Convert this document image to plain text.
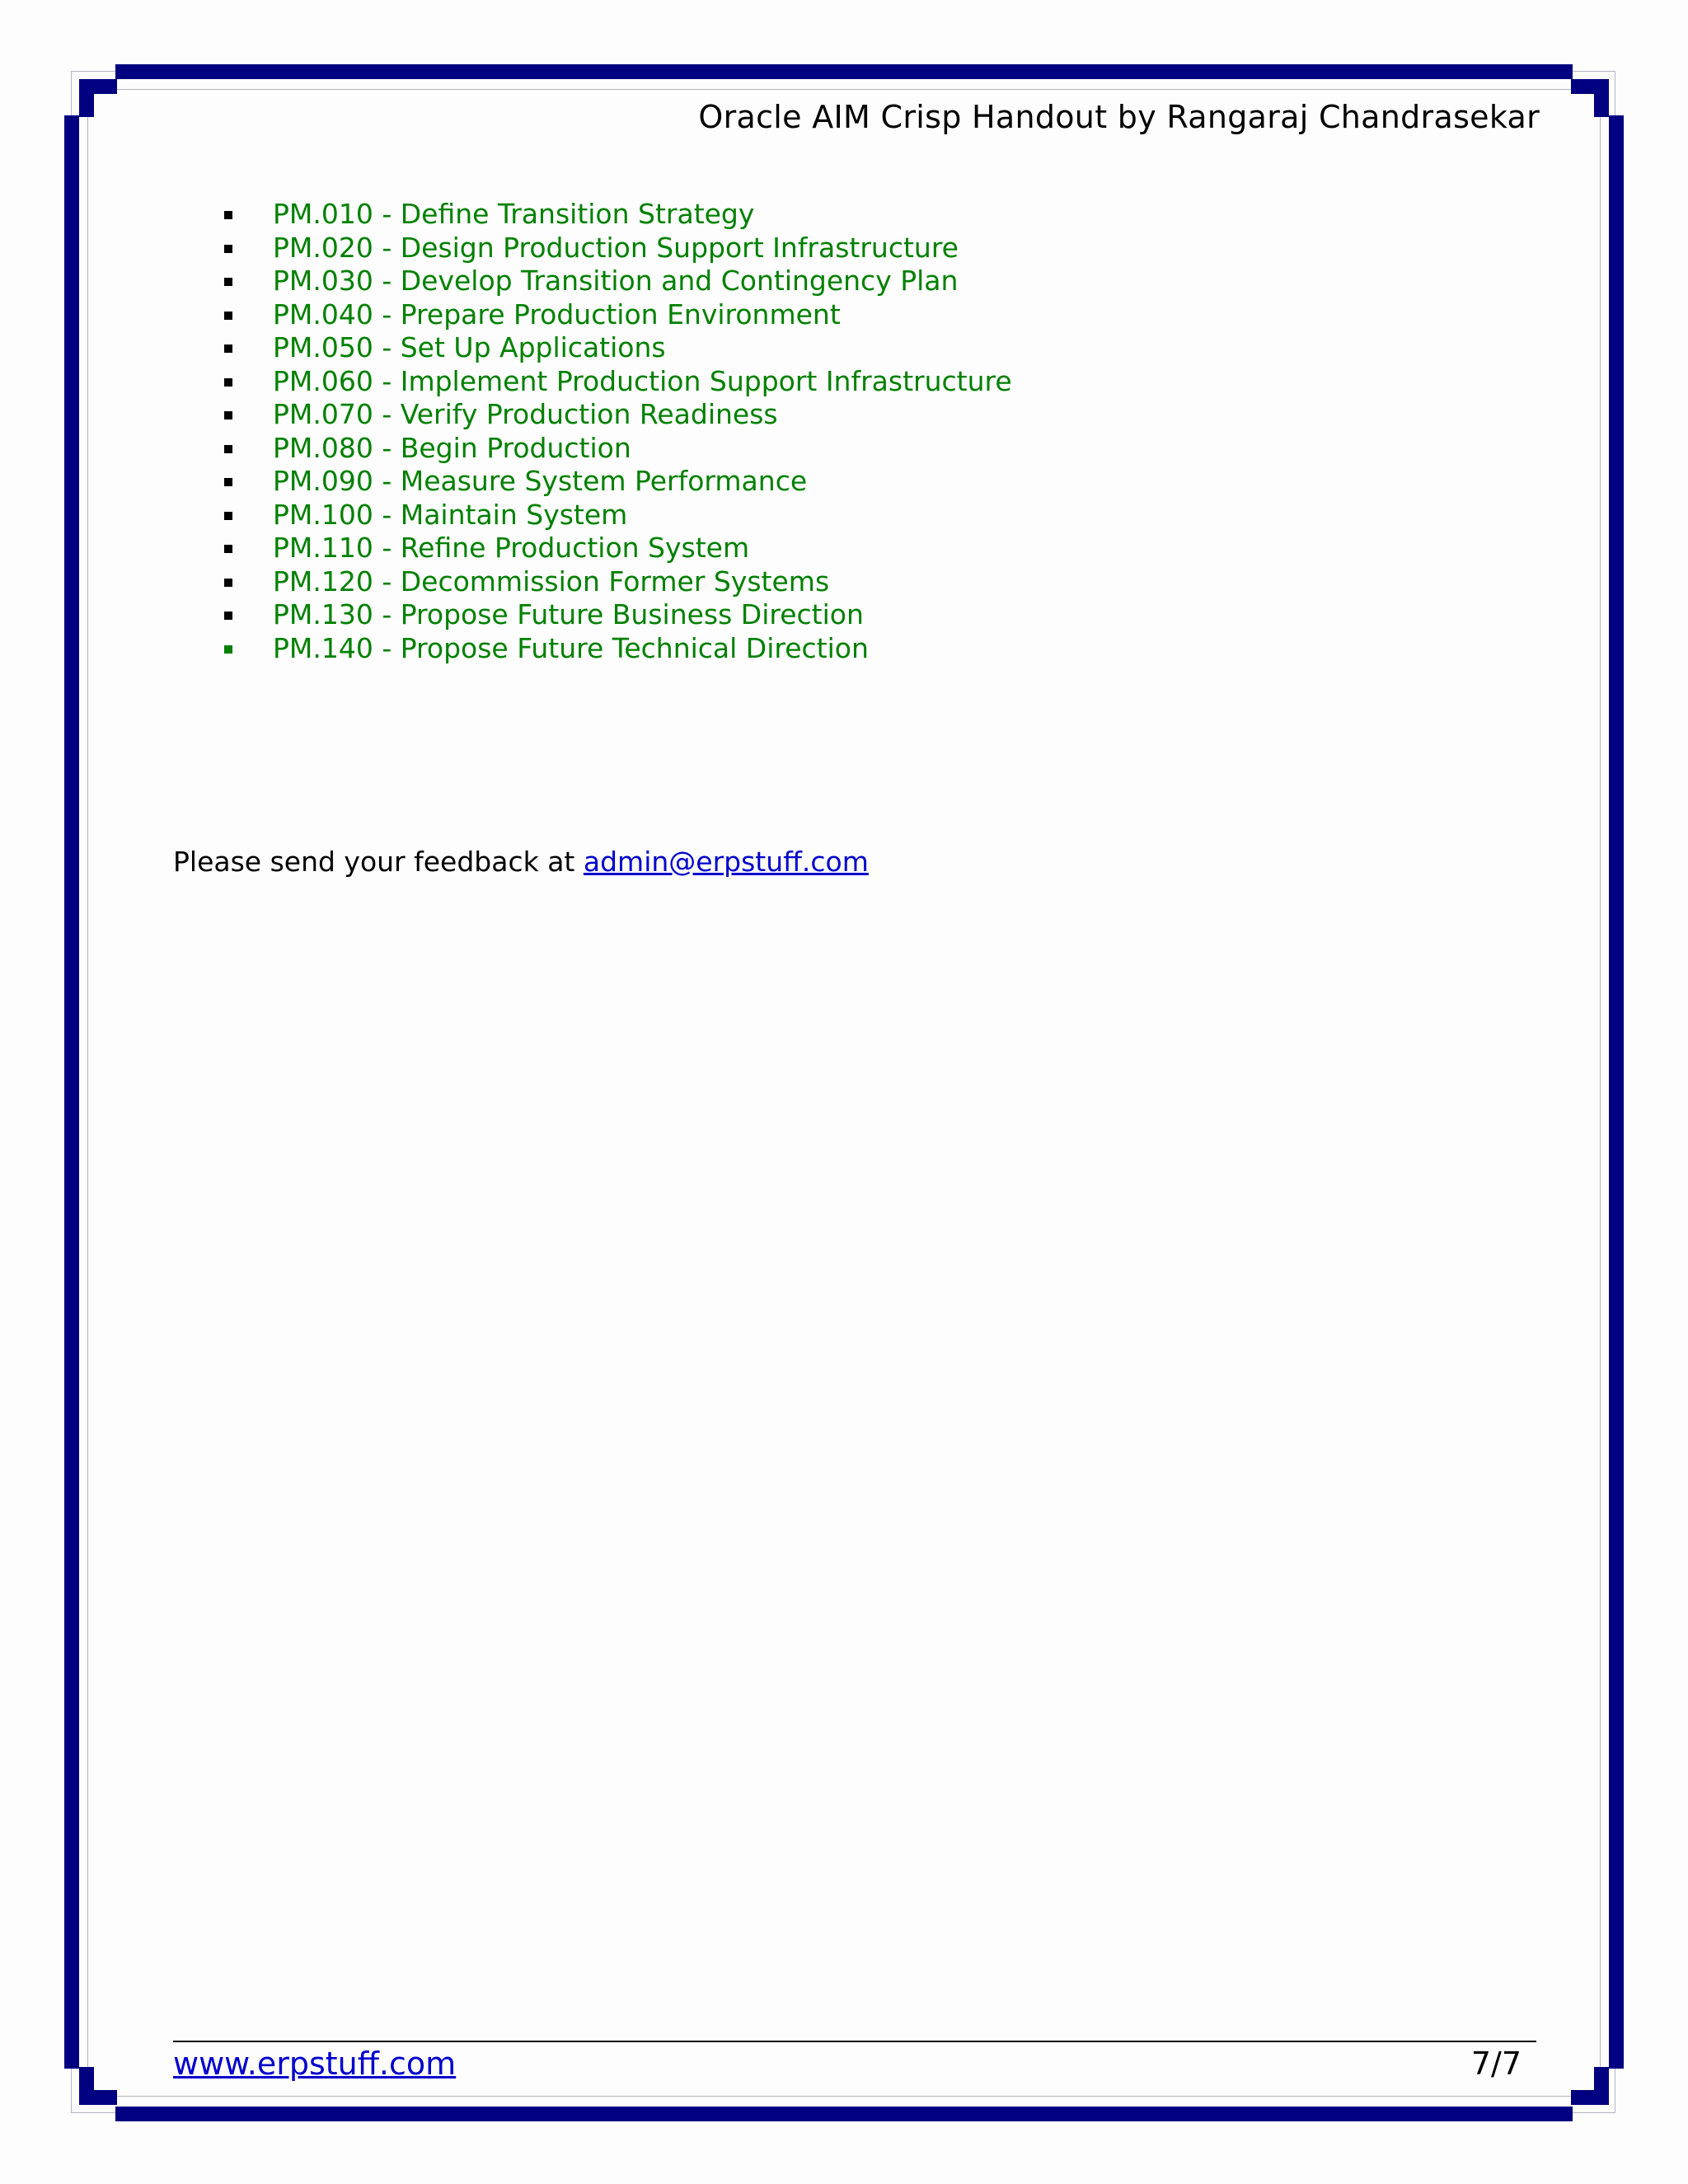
Oracle AIM Crisp Handout by Rangaraj Chandrasekar
PM.010 - Define Transition Strategy
PM.020 - Design Production Support Infrastructure
PM.030 - Develop Transition and Contingency Plan
PM.040 - Prepare Production Environment
PM.050 - Set Up Applications
PM.060 - Implement Production Support Infrastructure
PM.070 - Verify Production Readiness
PM.080 - Begin Production
PM.090 - Measure System Performance
PM.100 - Maintain System
PM.110 - Refine Production System
PM.120 - Decommission Former Systems
PM.130 - Propose Future Business Direction
PM.140 - Propose Future Technical Direction
Please send your feedback at admin@erpstuff.com
www.erpstuff.com	7/7
